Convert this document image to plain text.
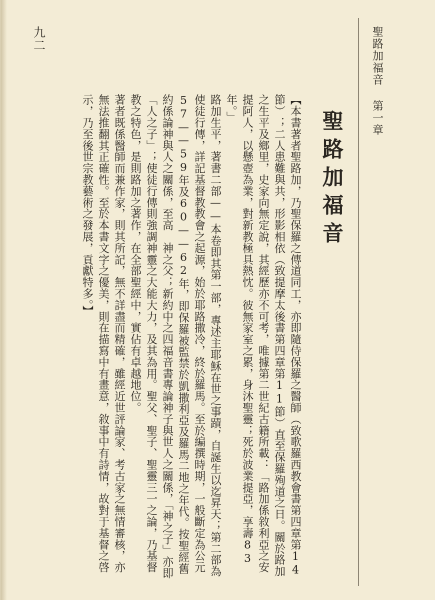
聖路加福音
第一章
九二
聖路加福音

【本書著者聖路加，乃聖保羅之傳道同工，亦即隨侍保羅之醫師（致歌羅西教會書第四章第14節）；二人患難與共，形影相依（致提摩太後書第四章第11節）直至保羅殉道之日。關於路加之生平及鄉里，史家向無定說，其經歷亦不可考，唯據第二世紀古籍所載：「路加係敘利亞之安提阿人，以懸壺為業，對新教極具熱忱。彼無家室之累，身沐聖靈；死於波業提亞，享壽83年。」

路加生平，著書二部——本卷即其第一部，專述主耶穌在世之事蹟，自誕生以迄昇天；第二部為使徒行傳，詳記基督教教會之起源，始於耶路撒冷，終於羅馬。至於編撰時期，一般斷定為公元57——59年及60——62年，即保羅被監禁於凱撒利亞及羅馬二地之年代。按聖經舊約係論神與人之關係，至高　神之父；新約中之四福音書專論神子與世人之關係，「神之子」亦即「人之子」；使徒行傳則強調神靈之大能大力，及其為用。聖父、聖子、聖靈三一之論，乃基督教之特色，是則路加之著作，在全部聖經中，實佔有卓越地位。

著者既係醫師而兼作家，則其所記，無不詳盡而精確，雖經近世評論家、考古家之無情審核，亦無法推翻其正確性。至於本書文字之優美，則在描寫中有畫意，敘事中有詩情，故對于基督之啓示，乃至後世宗教藝術之發展，貢獻特多。】
